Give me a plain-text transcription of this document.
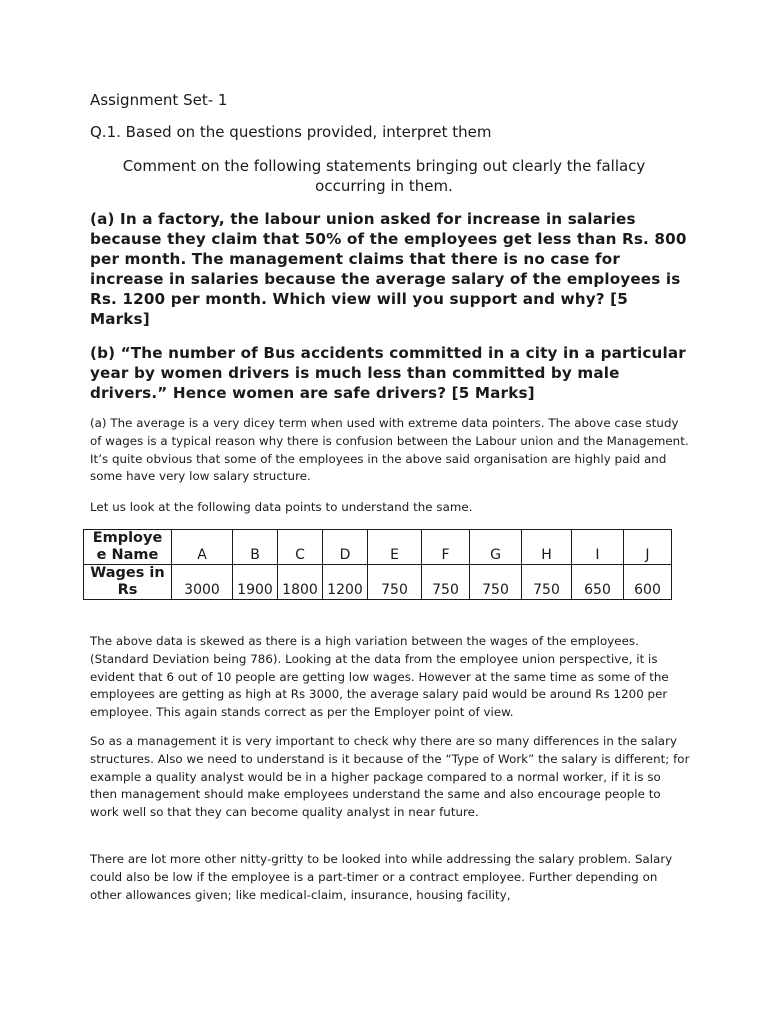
Assignment Set- 1
Q.1. Based on the questions provided, interpret them
Comment on the following statements bringing out clearly the fallacy occurring in them.
(a) In a factory, the labour union asked for increase in salaries because they claim that 50% of the employees get less than Rs. 800 per month. The management claims that there is no case for increase in salaries because the average salary of the employees is Rs. 1200 per month. Which view will you support and why? [5 Marks]
(b) “The number of Bus accidents committed in a city in a particular year by women drivers is much less than committed by male drivers.” Hence women are safe drivers? [5 Marks]
(a) The average is a very dicey term when used with extreme data pointers. The above case study of wages is a typical reason why there is confusion between the Labour union and the Management. It’s quite obvious that some of the employees in the above said organisation are highly paid and some have very low salary structure.
Let us look at the following data points to understand the same.
Employe e Name	A	B	C	D	E	F	G	H	I	J

Wages in Rs	3000	1900	1800	1200	750	750	750	750	650	600
The above data is skewed as there is a high variation between the wages of the employees. (Standard Deviation being 786). Looking at the data from the employee union perspective, it is evident that 6 out of 10 people are getting low wages. However at the same time as some of the employees are getting as high at Rs 3000, the average salary paid would be around Rs 1200 per employee. This again stands correct as per the Employer point of view.
So as a management it is very important to check why there are so many differences in the salary structures. Also we need to understand is it because of the “Type of Work” the salary is different; for example a quality analyst would be in a higher package compared to a normal worker, if it is so then management should make employees understand the same and also encourage people to work well so that they can become quality analyst in near future.
There are lot more other nitty-gritty to be looked into while addressing the salary problem. Salary could also be low if the employee is a part-timer or a contract employee. Further depending on other allowances given; like medical-claim, insurance, housing facility,
